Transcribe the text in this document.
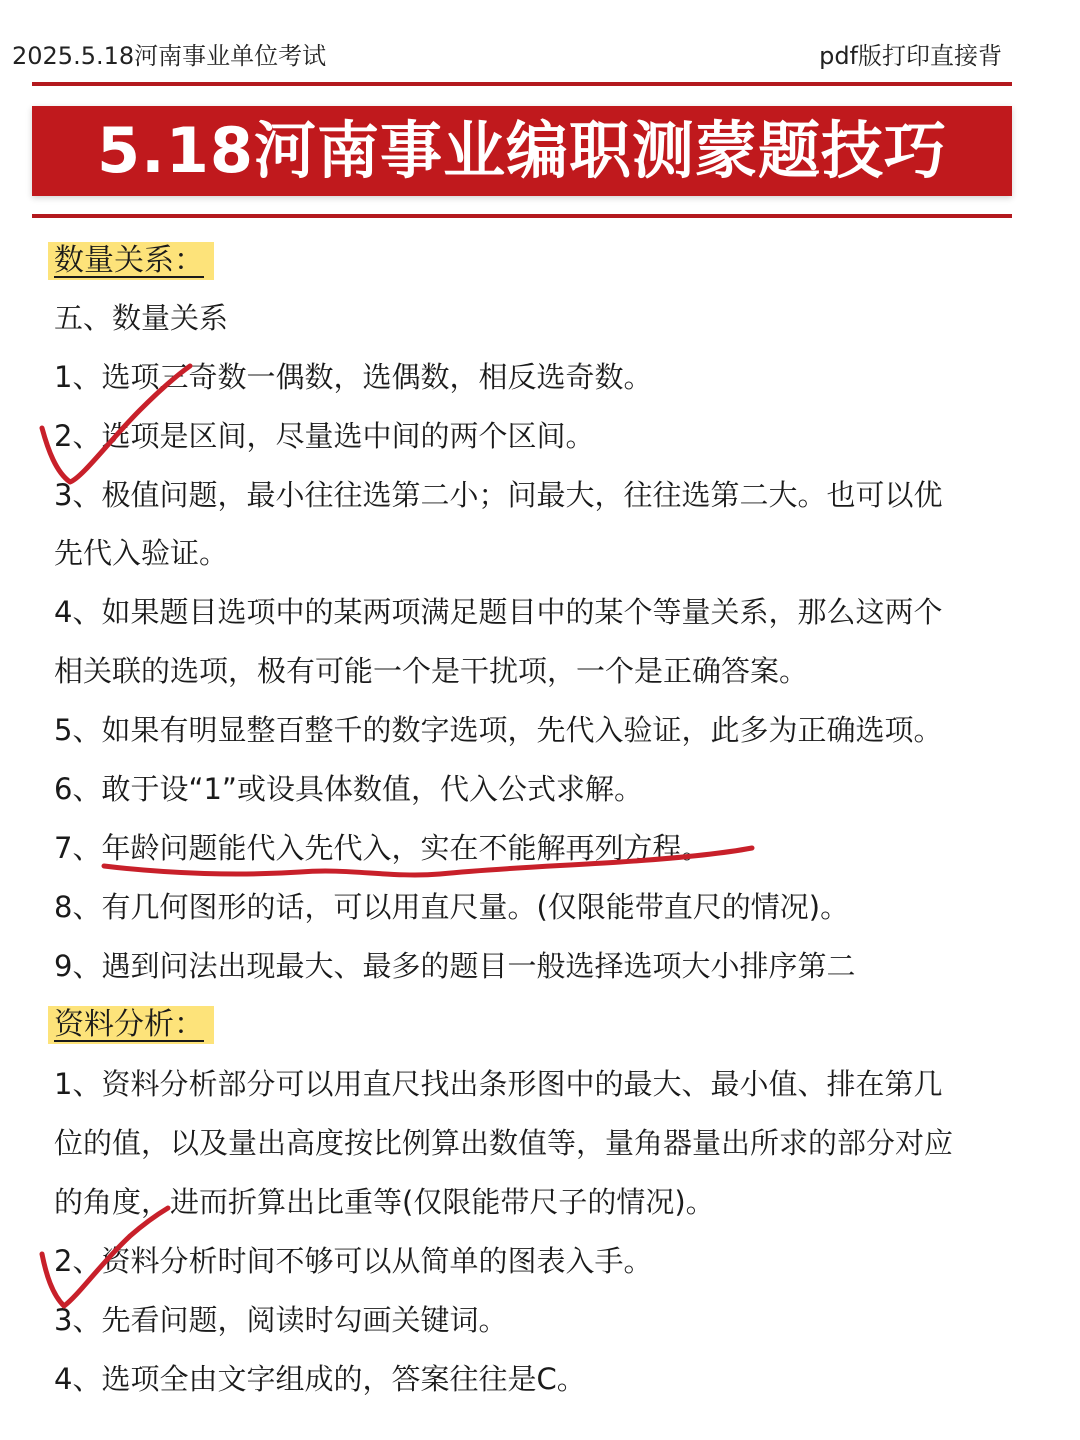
2025.5.18河南事业单位考试	pdf版打印直接背
5.18河南事业编职测蒙题技巧
数量关系：
五、数量关系
1、选项三奇数一偶数，选偶数，相反选奇数。
2、选项是区间，尽量选中间的两个区间。
3、极值问题，最小往往选第二小；问最大，往往选第二大。也可以优
先代入验证。
4、如果题目选项中的某两项满足题目中的某个等量关系，那么这两个
相关联的选项，极有可能一个是干扰项，一个是正确答案。
5、如果有明显整百整千的数字选项，先代入验证，此多为正确选项。
6、敢于设“1”或设具体数值，代入公式求解。
7、年龄问题能代入先代入，实在不能解再列方程。
8、有几何图形的话，可以用直尺量。(仅限能带直尺的情况)。
9、遇到问法出现最大、最多的题目一般选择选项大小排序第二
资料分析：
1、资料分析部分可以用直尺找出条形图中的最大、最小值、排在第几
位的值，以及量出高度按比例算出数值等，量角器量出所求的部分对应
的角度，进而折算出比重等(仅限能带尺子的情况)。
2、资料分析时间不够可以从简单的图表入手。
3、先看问题，阅读时勾画关键词。
4、选项全由文字组成的，答案往往是C。
